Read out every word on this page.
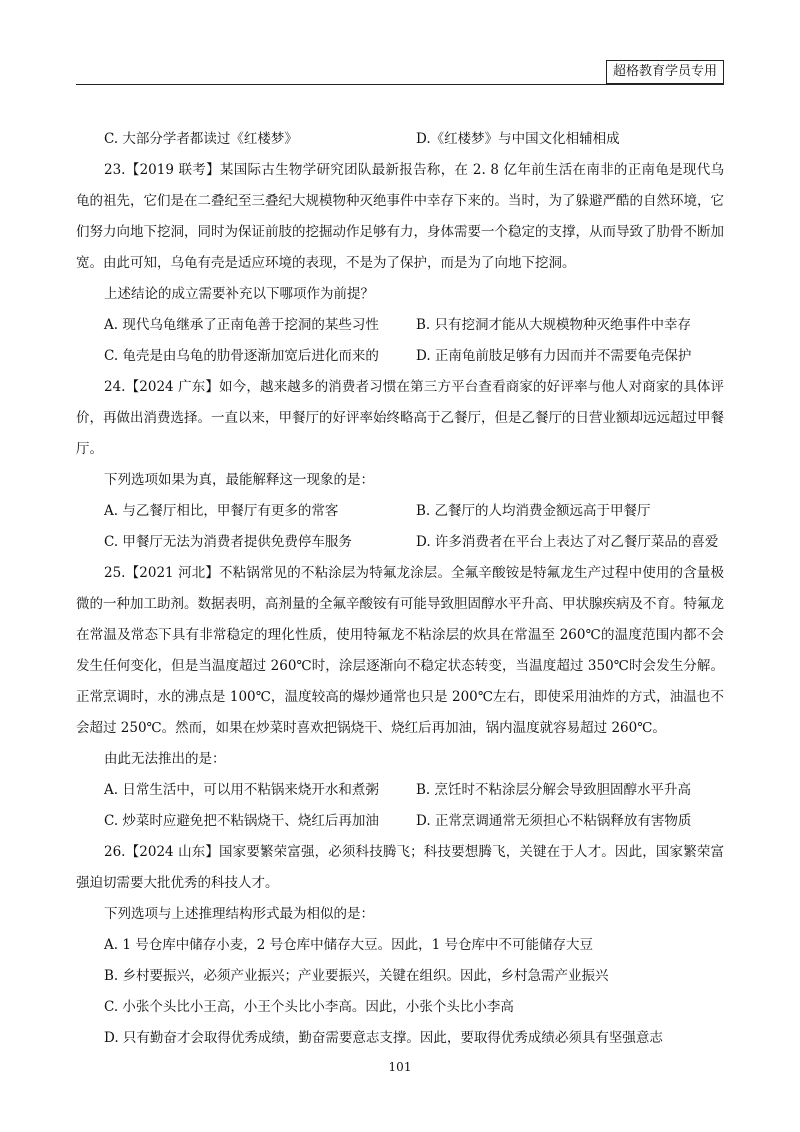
超格教育学员专用
C. 大部分学者都读过《红楼梦》	D.《红楼梦》与中国文化相辅相成
23.【2019 联考】某国际古生物学研究团队最新报告称，在 2. 8 亿年前生活在南非的正南龟是现代乌龟的祖先，它们是在二叠纪至三叠纪大规模物种灭绝事件中幸存下来的。当时，为了躲避严酷的自然环境，它们努力向地下挖洞，同时为保证前肢的挖掘动作足够有力，身体需要一个稳定的支撑，从而导致了肋骨不断加宽。由此可知，乌龟有壳是适应环境的表现，不是为了保护，而是为了向地下挖洞。
上述结论的成立需要补充以下哪项作为前提？
A. 现代乌龟继承了正南龟善于挖洞的某些习性	B. 只有挖洞才能从大规模物种灭绝事件中幸存
C. 龟壳是由乌龟的肋骨逐渐加宽后进化而来的	D. 正南龟前肢足够有力因而并不需要龟壳保护
24.【2024 广东】如今，越来越多的消费者习惯在第三方平台查看商家的好评率与他人对商家的具体评价，再做出消费选择。一直以来，甲餐厅的好评率始终略高于乙餐厅，但是乙餐厅的日营业额却远远超过甲餐厅。
下列选项如果为真，最能解释这一现象的是：
A. 与乙餐厅相比，甲餐厅有更多的常客	B. 乙餐厅的人均消费金额远高于甲餐厅
C. 甲餐厅无法为消费者提供免费停车服务	D. 许多消费者在平台上表达了对乙餐厅菜品的喜爱
25.【2021 河北】不粘锅常见的不粘涂层为特氟龙涂层。全氟辛酸铵是特氟龙生产过程中使用的含量极微的一种加工助剂。数据表明，高剂量的全氟辛酸铵有可能导致胆固醇水平升高、甲状腺疾病及不育。特氟龙在常温及常态下具有非常稳定的理化性质，使用特氟龙不粘涂层的炊具在常温至 260℃的温度范围内都不会发生任何变化，但是当温度超过 260℃时，涂层逐渐向不稳定状态转变，当温度超过 350℃时会发生分解。正常烹调时，水的沸点是 100℃，温度较高的爆炒通常也只是 200℃左右，即使采用油炸的方式，油温也不会超过 250℃。然而，如果在炒菜时喜欢把锅烧干、烧红后再加油，锅内温度就容易超过 260℃。
由此无法推出的是：
A. 日常生活中，可以用不粘锅来烧开水和煮粥	B. 烹饪时不粘涂层分解会导致胆固醇水平升高
C. 炒菜时应避免把不粘锅烧干、烧红后再加油	D. 正常烹调通常无须担心不粘锅释放有害物质
26.【2024 山东】国家要繁荣富强，必须科技腾飞；科技要想腾飞，关键在于人才。因此，国家繁荣富强迫切需要大批优秀的科技人才。
下列选项与上述推理结构形式最为相似的是：
A. 1 号仓库中储存小麦，2 号仓库中储存大豆。因此，1 号仓库中不可能储存大豆
B. 乡村要振兴，必须产业振兴；产业要振兴，关键在组织。因此，乡村急需产业振兴
C. 小张个头比小王高，小王个头比小李高。因此，小张个头比小李高
D. 只有勤奋才会取得优秀成绩，勤奋需要意志支撑。因此，要取得优秀成绩必须具有坚强意志
101
